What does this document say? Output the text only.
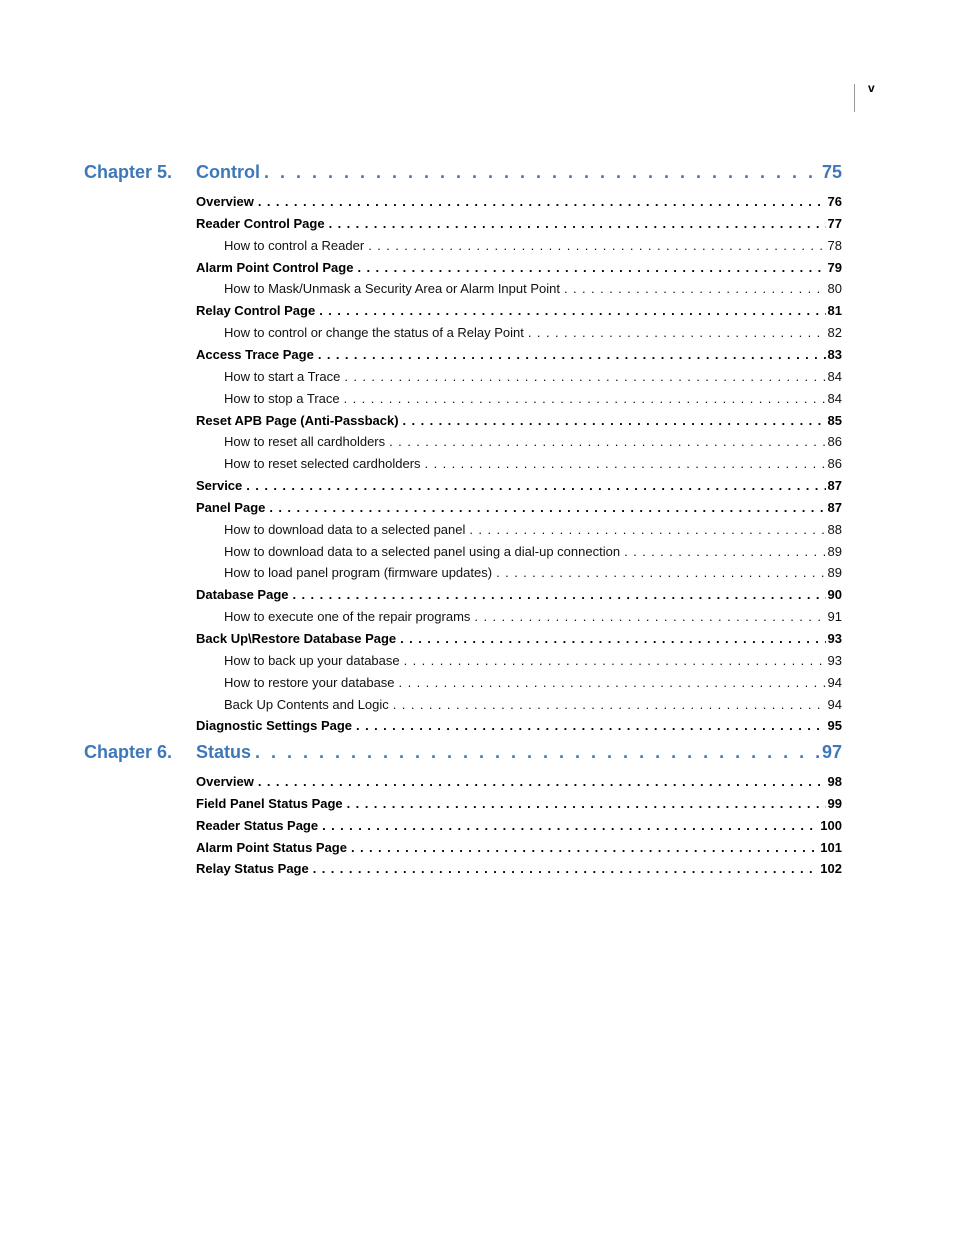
v
Chapter 5. Control . . .	75
Overview . . .	76
Reader Control Page . . .	77
How to control a Reader . . .	78
Alarm Point Control Page . . .	79
How to Mask/Unmask a Security Area or Alarm Input Point . . .	80
Relay Control Page . . .	81
How to control or change the status of a Relay Point . . .	82
Access Trace Page . . .	83
How to start a Trace . . .	84
How to stop a Trace . . .	84
Reset APB Page (Anti-Passback) . . .	85
How to reset all cardholders . . .	86
How to reset selected cardholders . . .	86
Service . . .	87
Panel Page . . .	87
How to download data to a selected panel . . .	88
How to download data to a selected panel using a dial-up connection . . .	89
How to load panel program (firmware updates) . . .	89
Database Page . . .	90
How to execute one of the repair programs . . .	91
Back Up\Restore Database Page . . .	93
How to back up your database . . .	93
How to restore your database . . .	94
Back Up Contents and Logic . . .	94
Diagnostic Settings Page . . .	95
Chapter 6. Status . . .	97
Overview . . .	98
Field Panel Status Page . . .	99
Reader Status Page . . .	100
Alarm Point Status Page . . .	101
Relay Status Page . . .	102
